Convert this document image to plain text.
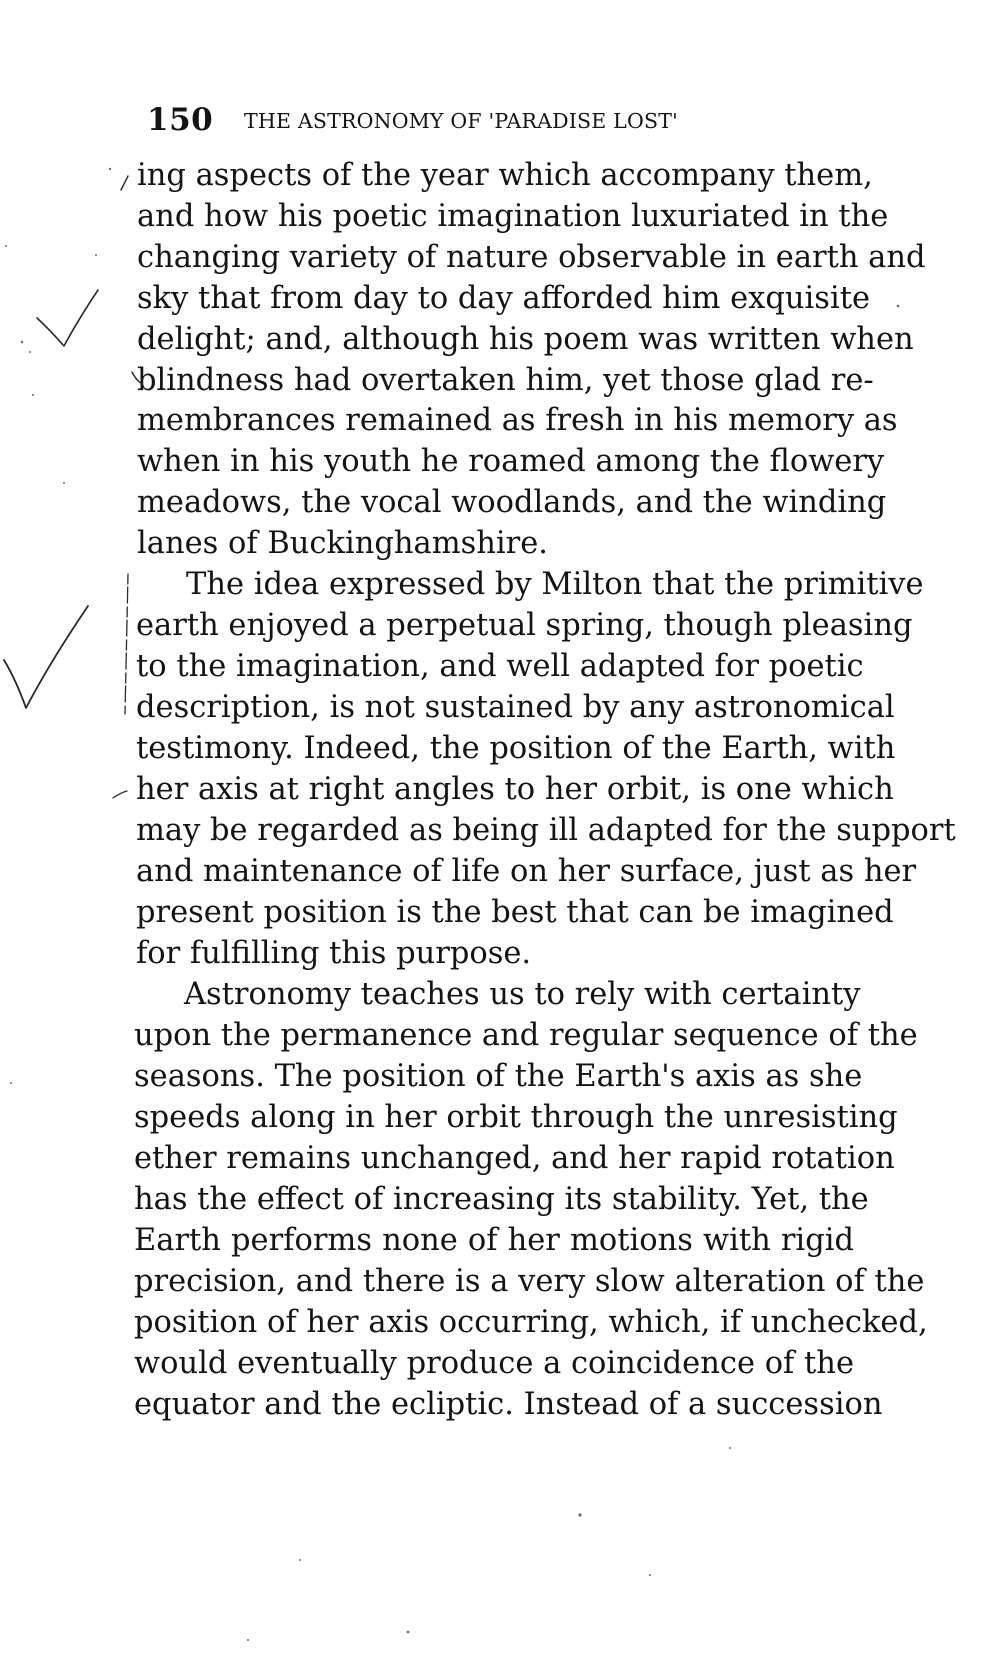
150 THE ASTRONOMY OF 'PARADISE LOST'
ing aspects of the year which accompany them,
and how his poetic imagination luxuriated in the
changing variety of nature observable in earth and
sky that from day to day afforded him exquisite
delight; and, although his poem was written when
blindness had overtaken him, yet those glad re-
membrances remained as fresh in his memory as
when in his youth he roamed among the flowery
meadows, the vocal woodlands, and the winding
lanes of Buckinghamshire.
The idea expressed by Milton that the primitive
earth enjoyed a perpetual spring, though pleasing
to the imagination, and well adapted for poetic
description, is not sustained by any astronomical
testimony. Indeed, the position of the Earth, with
her axis at right angles to her orbit, is one which
may be regarded as being ill adapted for the support
and maintenance of life on her surface, just as her
present position is the best that can be imagined
for fulfilling this purpose.
Astronomy teaches us to rely with certainty
upon the permanence and regular sequence of the
seasons. The position of the Earth's axis as she
speeds along in her orbit through the unresisting
ether remains unchanged, and her rapid rotation
has the effect of increasing its stability. Yet, the
Earth performs none of her motions with rigid
precision, and there is a very slow alteration of the
position of her axis occurring, which, if unchecked,
would eventually produce a coincidence of the
equator and the ecliptic. Instead of a succession
